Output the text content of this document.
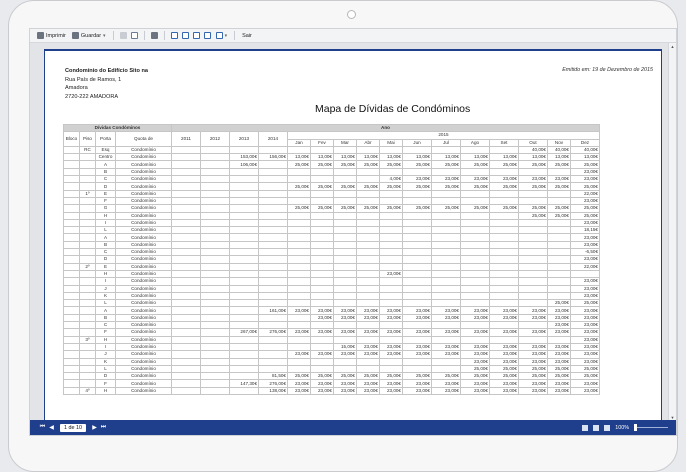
Imprimir	Guardar ▾	▾	Sair
Condomínio do Edifício Sito na
Rua País de Ramos, 1
Amadora
2720-222 AMADORA
Emitido em: 19 de Dezembro de 2015
Mapa de Dívidas de Condóminos
Dívidas Condóminos				Ano															
Bloco	Piso	Porta	Quota de	2011	2012	2013	2014	2015											
								Jan	Fev	Mar	Abr	Mai	Jun	Jul	Ago	Set	Out	Nov	Dez
	RC	Esq	Condomínio														40,00€	40,00€	40,00€
		Centro	Condomínio			153,00€	156,00€	13,00€	13,00€	13,00€	13,00€	13,00€	13,00€	13,00€	13,00€	13,00€	13,00€	13,00€	13,00€
		A	Condomínio			106,00€		25,00€	25,00€	25,00€	25,00€	25,00€	25,00€	25,00€	25,00€	25,00€	25,00€	25,00€	25,00€
		B	Condomínio																23,00€
		C	Condomínio									4,00€	23,00€	23,00€	23,00€	23,00€	23,00€	23,00€	23,00€
		D	Condomínio					25,00€	25,00€	25,00€	25,00€	25,00€	25,00€	25,00€	25,00€	25,00€	25,00€	25,00€	25,00€
	1º	E	Condomínio																22,00€
		F	Condomínio																23,00€
		G	Condomínio					25,00€	25,00€	25,00€	25,00€	25,00€	25,00€	25,00€	25,00€	25,00€	25,00€	25,00€	25,00€
		H	Condomínio														25,00€	25,00€	25,00€
		I	Condomínio																23,00€
		L	Condomínio																18,15€
		A	Condomínio																23,00€
		B	Condomínio																23,00€
		C	Condomínio																-6,50€
		D	Condomínio																23,00€
	2º	E	Condomínio																22,00€
		H	Condomínio									23,00€							
		I	Condomínio																23,00€
		J	Condomínio																23,00€
		K	Condomínio																23,00€
		L	Condomínio															25,00€	25,00€
		A	Condomínio				161,00€	23,00€	23,00€	23,00€	23,00€	23,00€	23,00€	23,00€	23,00€	23,00€	23,00€	23,00€	23,00€
		B	Condomínio						23,00€	23,00€	23,00€	23,00€	23,00€	23,00€	23,00€	23,00€	23,00€	23,00€	23,00€
		C	Condomínio															23,00€	23,00€
		F	Condomínio			267,00€	276,00€	23,00€	23,00€	23,00€	23,00€	23,00€	23,00€	23,00€	23,00€	23,00€	23,00€	23,00€	23,00€
	3º	H	Condomínio																23,00€
		I	Condomínio							15,00€	23,00€	23,00€	23,00€	23,00€	23,00€	23,00€	23,00€	23,00€	23,00€
		J	Condomínio					23,00€	23,00€	23,00€	23,00€	23,00€	23,00€	23,00€	23,00€	23,00€	23,00€	23,00€	23,00€
		K	Condomínio												23,00€	23,00€	23,00€	23,00€	23,00€
		L	Condomínio												25,00€	25,00€	25,00€	25,00€	25,00€
		D	Condomínio				81,50€	25,00€	25,00€	25,00€	25,00€	25,00€	25,00€	25,00€	25,00€	25,00€	25,00€	25,00€	25,00€
		F	Condomínio			147,30€	276,00€	23,00€	23,00€	23,00€	23,00€	23,00€	23,00€	23,00€	23,00€	23,00€	23,00€	23,00€	23,00€
	4º	H	Condomínio				138,00€	23,00€	23,00€	23,00€	23,00€	23,00€	23,00€	23,00€	23,00€	23,00€	23,00€	23,00€	23,00€
▲
▼
⏮ ◀	1 de 10	▶ ⏭	100%
